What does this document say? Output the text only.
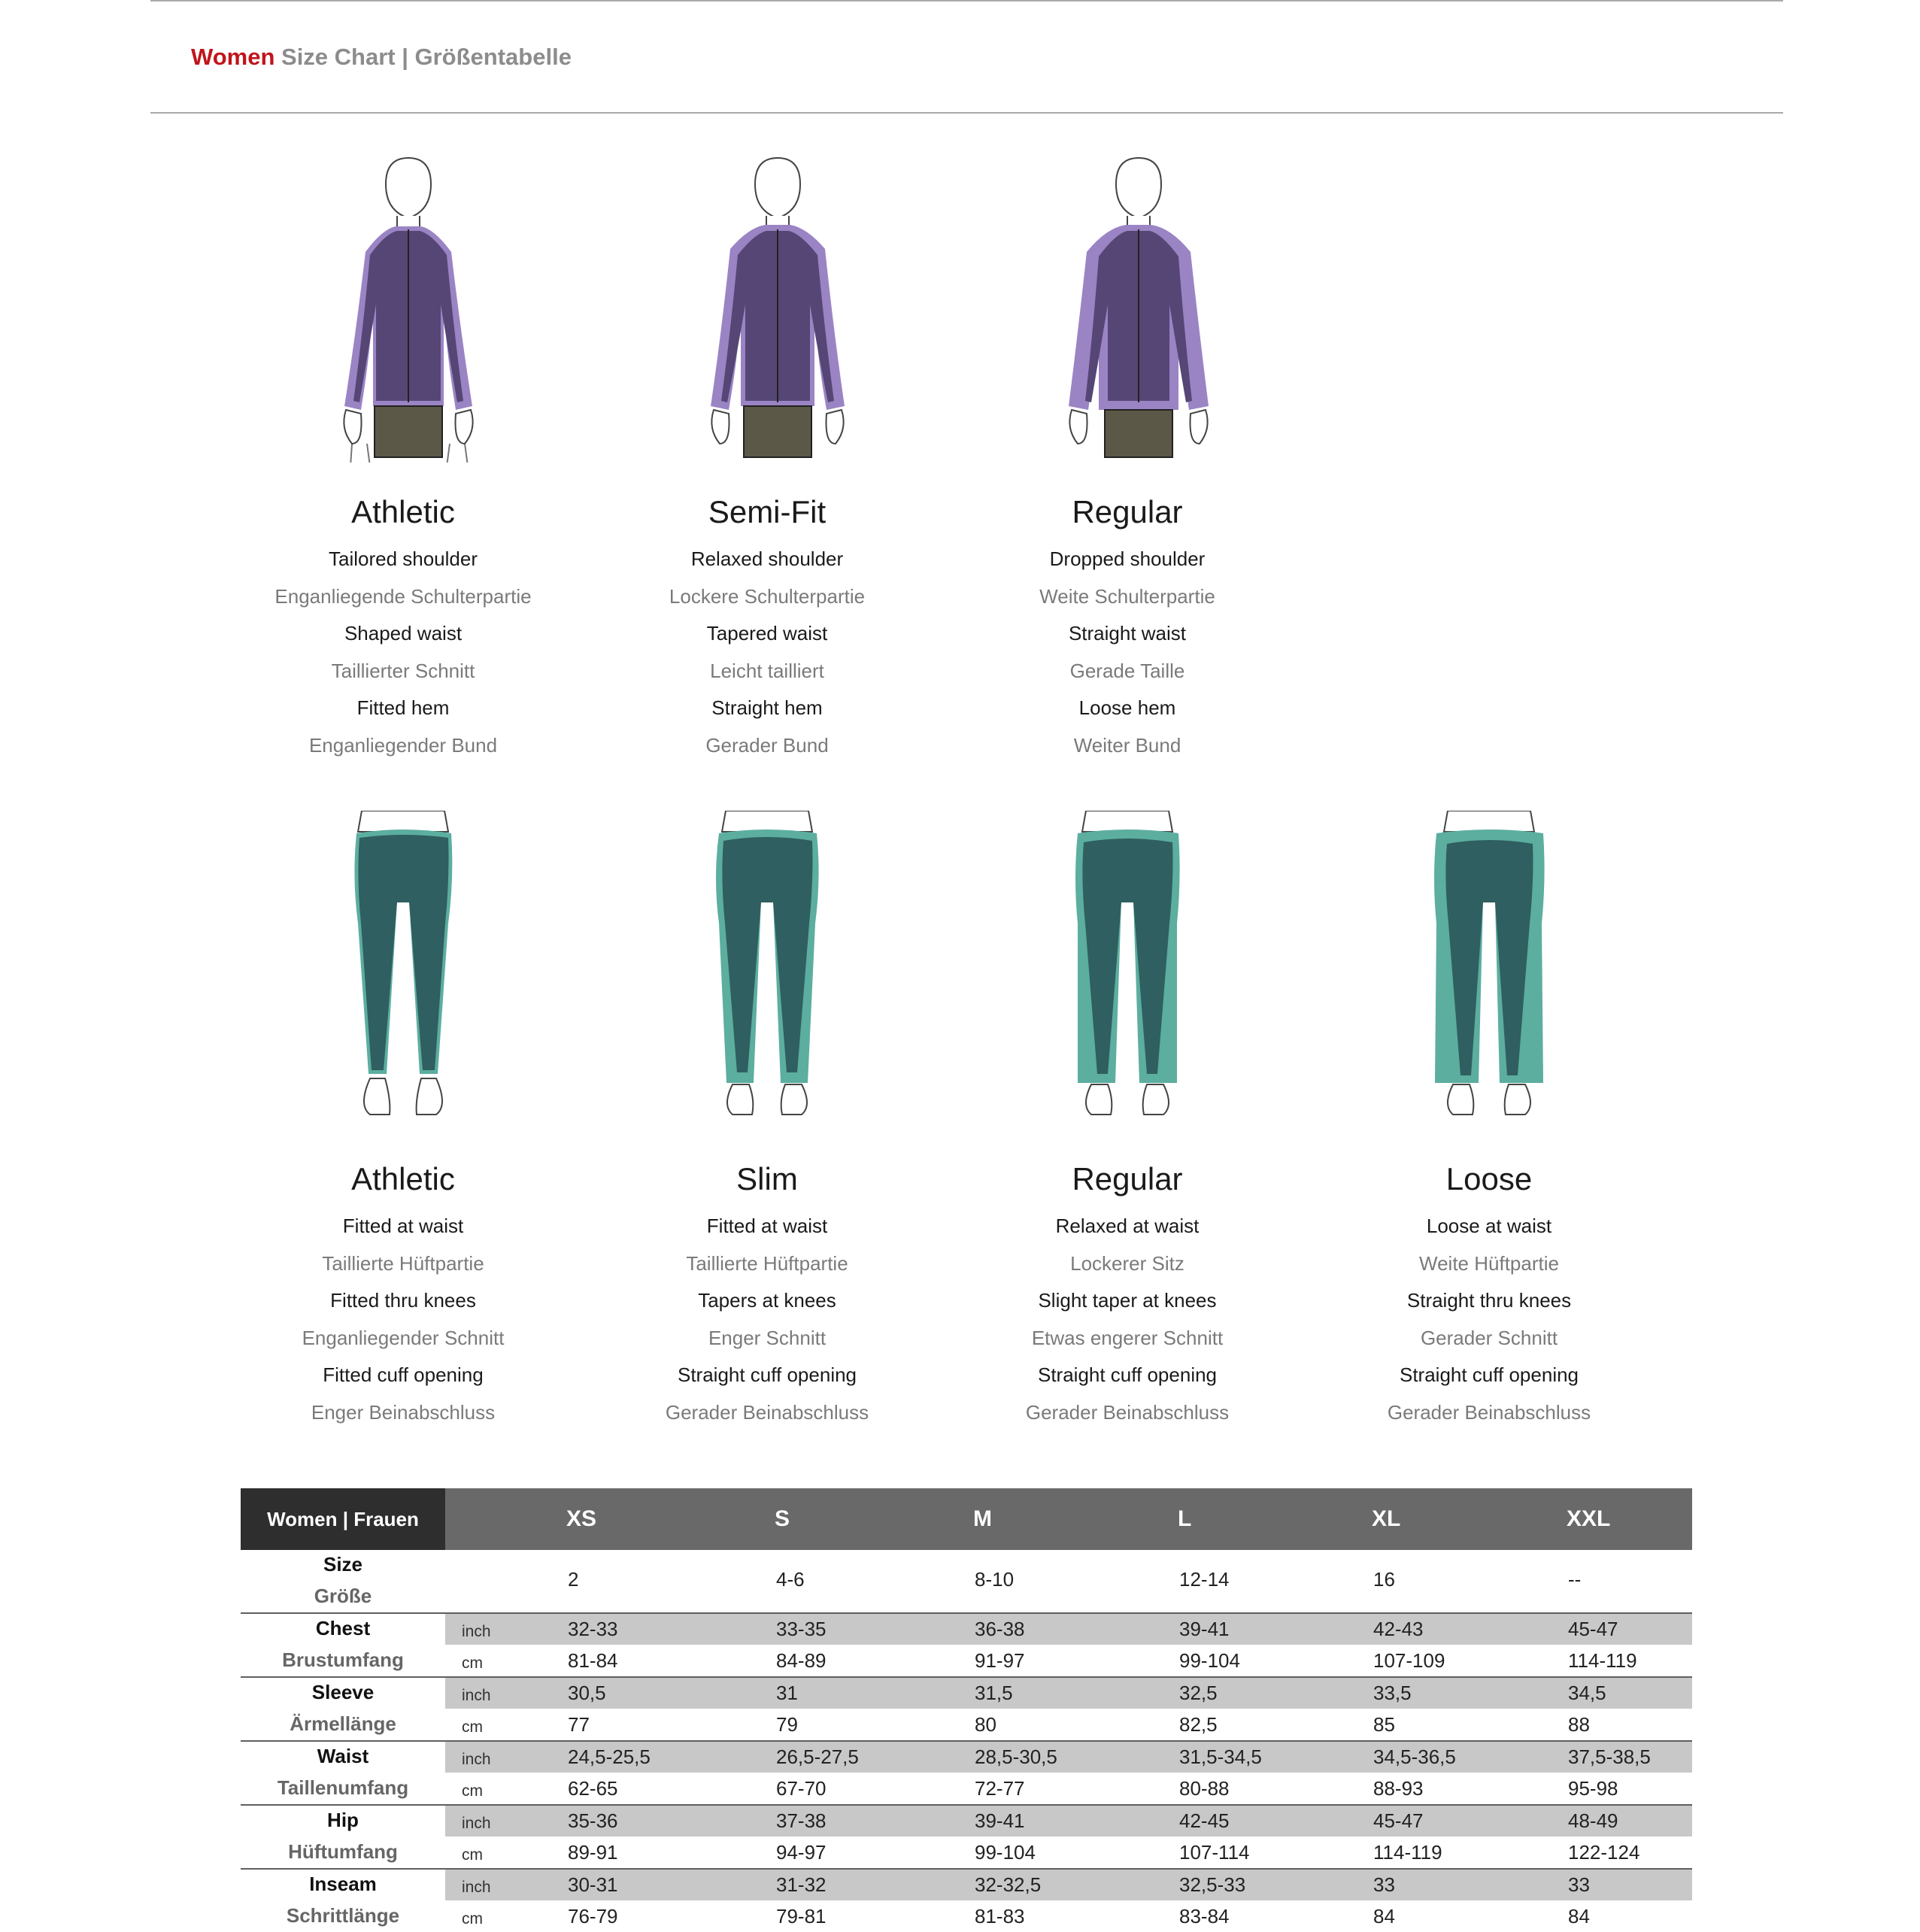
Women Size Chart | Größentabelle
Athletic
Tailored shoulder
Enganliegende Schulterpartie
Shaped waist
Taillierter Schnitt
Fitted hem
Enganliegender Bund
Semi-Fit
Relaxed shoulder
Lockere Schulterpartie
Tapered waist
Leicht tailliert
Straight hem
Gerader Bund
Regular
Dropped shoulder
Weite Schulterpartie
Straight waist
Gerade Taille
Loose hem
Weiter Bund
Athletic
Fitted at waist
Taillierte Hüftpartie
Fitted thru knees
Enganliegender Schnitt
Fitted cuff opening
Enger Beinabschluss
Slim
Fitted at waist
Taillierte Hüftpartie
Tapers at knees
Enger Schnitt
Straight cuff opening
Gerader Beinabschluss
Regular
Relaxed at waist
Lockerer Sitz
Slight taper at knees
Etwas engerer Schnitt
Straight cuff opening
Gerader Beinabschluss
Loose
Loose at waist
Weite Hüftpartie
Straight thru knees
Gerader Schnitt
Straight cuff opening
Gerader Beinabschluss
Women | Frauen	XS	S	M	L	XL	XXL
Size
Größe
2	4-6	8-10	12-14	16	--
Chest
Brustumfang
inch	32-33	33-35	36-38	39-41	42-43	45-47
cm	81-84	84-89	91-97	99-104	107-109	114-119
Sleeve
Ärmellänge
inch	30,5	31	31,5	32,5	33,5	34,5
cm	77	79	80	82,5	85	88
Waist
Taillenumfang
inch	24,5-25,5	26,5-27,5	28,5-30,5	31,5-34,5	34,5-36,5	37,5-38,5
cm	62-65	67-70	72-77	80-88	88-93	95-98
Hip
Hüftumfang
inch	35-36	37-38	39-41	42-45	45-47	48-49
cm	89-91	94-97	99-104	107-114	114-119	122-124
Inseam
Schrittlänge
inch	30-31	31-32	32-32,5	32,5-33	33	33
cm	76-79	79-81	81-83	83-84	84	84
